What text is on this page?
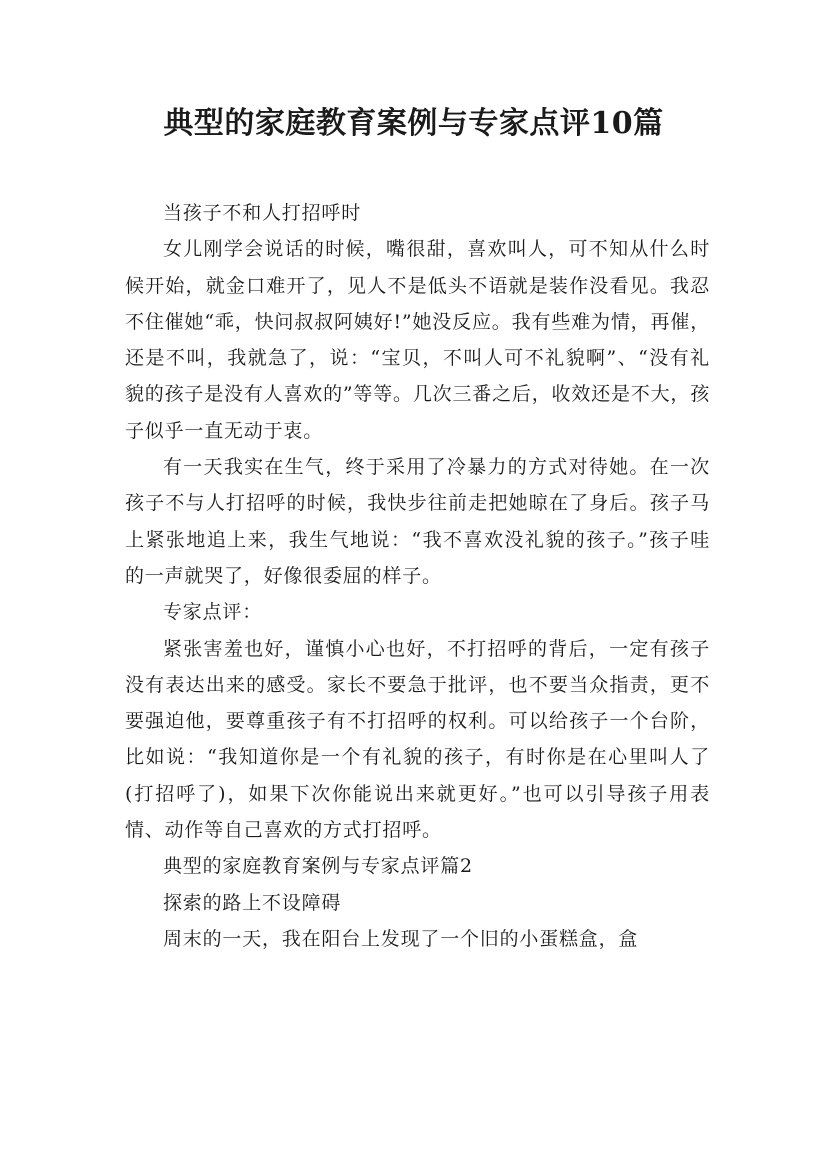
典型的家庭教育案例与专家点评10篇
当孩子不和人打招呼时
女儿刚学会说话的时候，嘴很甜，喜欢叫人，可不知从什么时候开始，就金口难开了，见人不是低头不语就是装作没看见。我忍不住催她“乖，快问叔叔阿姨好!”她没反应。我有些难为情，再催，还是不叫，我就急了，说：“宝贝，不叫人可不礼貌啊”、“没有礼貌的孩子是没有人喜欢的”等等。几次三番之后，收效还是不大，孩子似乎一直无动于衷。
有一天我实在生气，终于采用了冷暴力的方式对待她。在一次孩子不与人打招呼的时候，我快步往前走把她晾在了身后。孩子马上紧张地追上来，我生气地说：“我不喜欢没礼貌的孩子。”孩子哇的一声就哭了，好像很委屈的样子。
专家点评：
紧张害羞也好，谨慎小心也好，不打招呼的背后，一定有孩子没有表达出来的感受。家长不要急于批评，也不要当众指责，更不要强迫他，要尊重孩子有不打招呼的权利。可以给孩子一个台阶，比如说：“我知道你是一个有礼貌的孩子，有时你是在心里叫人了(打招呼了)，如果下次你能说出来就更好。”也可以引导孩子用表情、动作等自己喜欢的方式打招呼。
典型的家庭教育案例与专家点评篇2
探索的路上不设障碍
周末的一天，我在阳台上发现了一个旧的小蛋糕盒，盒
